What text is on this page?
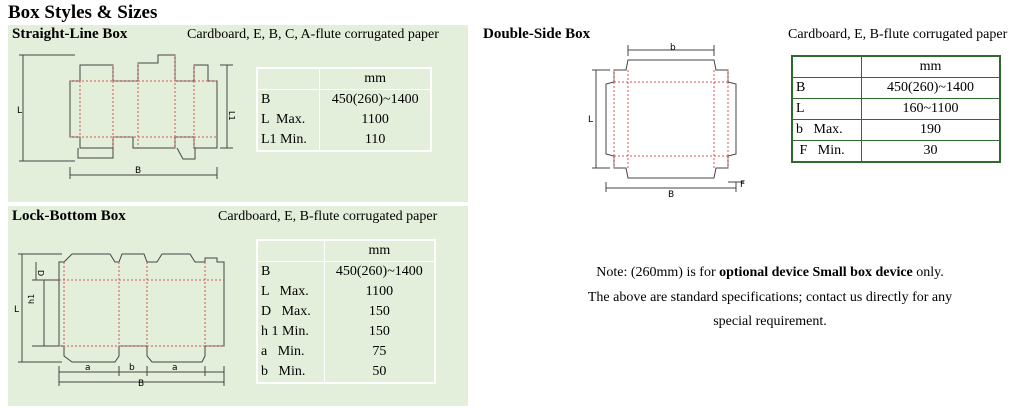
Box Styles & Sizes
Straight-Line Box	Cardboard, E, B, C, A-flute corrugated paper
L	L1
B
	mm
B	450(260)~1400
L  Max.	1100
L1 Min.	110
Lock-Bottom Box	Cardboard, E, B-flute corrugated paper
L
D
h1
a	b	a
B
	mm
B	450(260)~1400
L   Max.	1100
D   Max.	150
h 1 Min.	150
a   Min.	75
b   Min.	50
Double-Side Box	Cardboard, E, B-flute corrugated paper
b
L
B
F
	mm
B	450(260)~1400
L	160~1100
b   Max.	190
F   Min.	30
Note: (260mm) is for optional device Small box device only.
The above are standard specifications; contact us directly for any
special requirement.
